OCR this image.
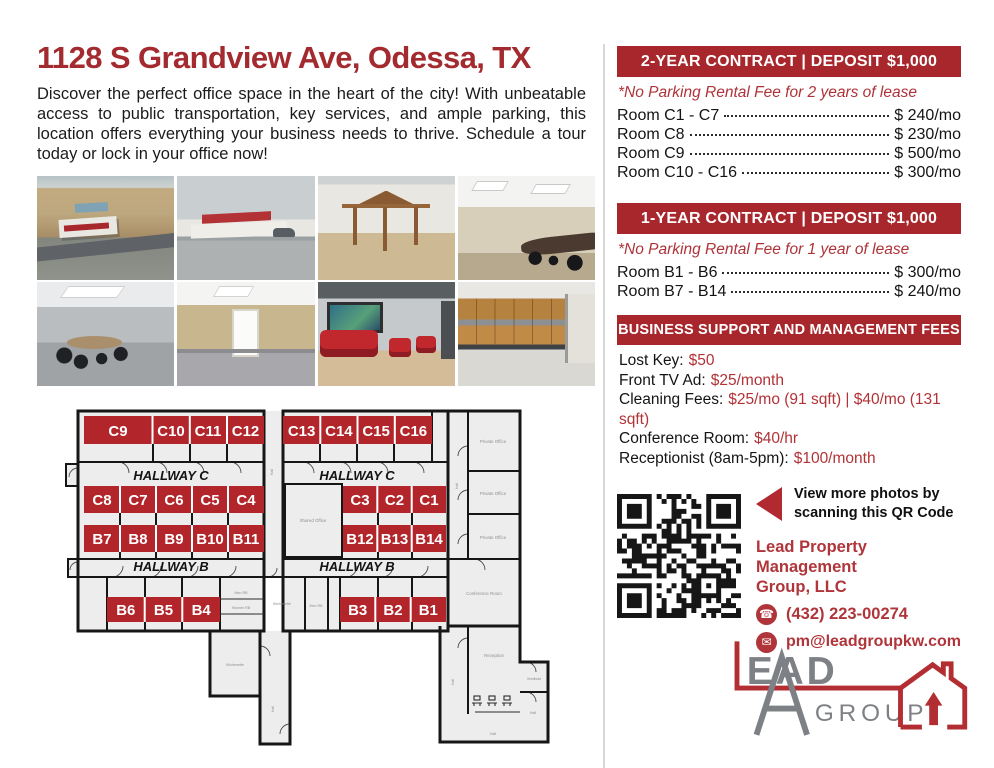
1128 S Grandview Ave, Odessa, TX
Discover the perfect office space in the heart of the city! With unbeatable access to public transportation, key services, and ample parking, this location offers everything your business needs to thrive. Schedule a tour today or lock in your office now!
C9 C10 C11 C12 C13 C14 C15 C16
C8 C7 C6 C5 C4	C3 C2 C1
B7 B8 B9 B10 B11	B12 B13 B14
B6 B5 B4	B3 B2 B1
HALLWAY C	HALLWAY C
HALLWAY B	HALLWAY B
Shared Office
Private Office
Private Office
Private Office
Conference Room
Reception
Vestibule
Kitchenette
Kitchenette
Men RB
Women RB	Men RB
Hall
Hall
Hall
Hall
Hall
Hall
2-YEAR CONTRACT | DEPOSIT $1,000
*No Parking Rental Fee for 2 years of lease
Room C1 - C7	$ 240/mo
Room C8	$ 230/mo
Room C9	$ 500/mo
Room C10 - C16	$ 300/mo
1-YEAR CONTRACT | DEPOSIT $1,000
*No Parking Rental Fee for 1 year of lease
Room B1 - B6	$ 300/mo
Room B7 - B14	$ 240/mo
BUSINESS SUPPORT AND MANAGEMENT FEES
Lost Key: $50
Front TV Ad: $25/month
Cleaning Fees: $25/mo (91 sqft) | $40/mo (131 sqft)
Conference Room: $40/hr
Receptionist (8am-5pm): $100/month
View more photos by
scanning this QR Code
Lead Property Management
Group, LLC
☎ (432) 223-00274
✉ pm@leadgroupkw.com
EAD
GROUP
